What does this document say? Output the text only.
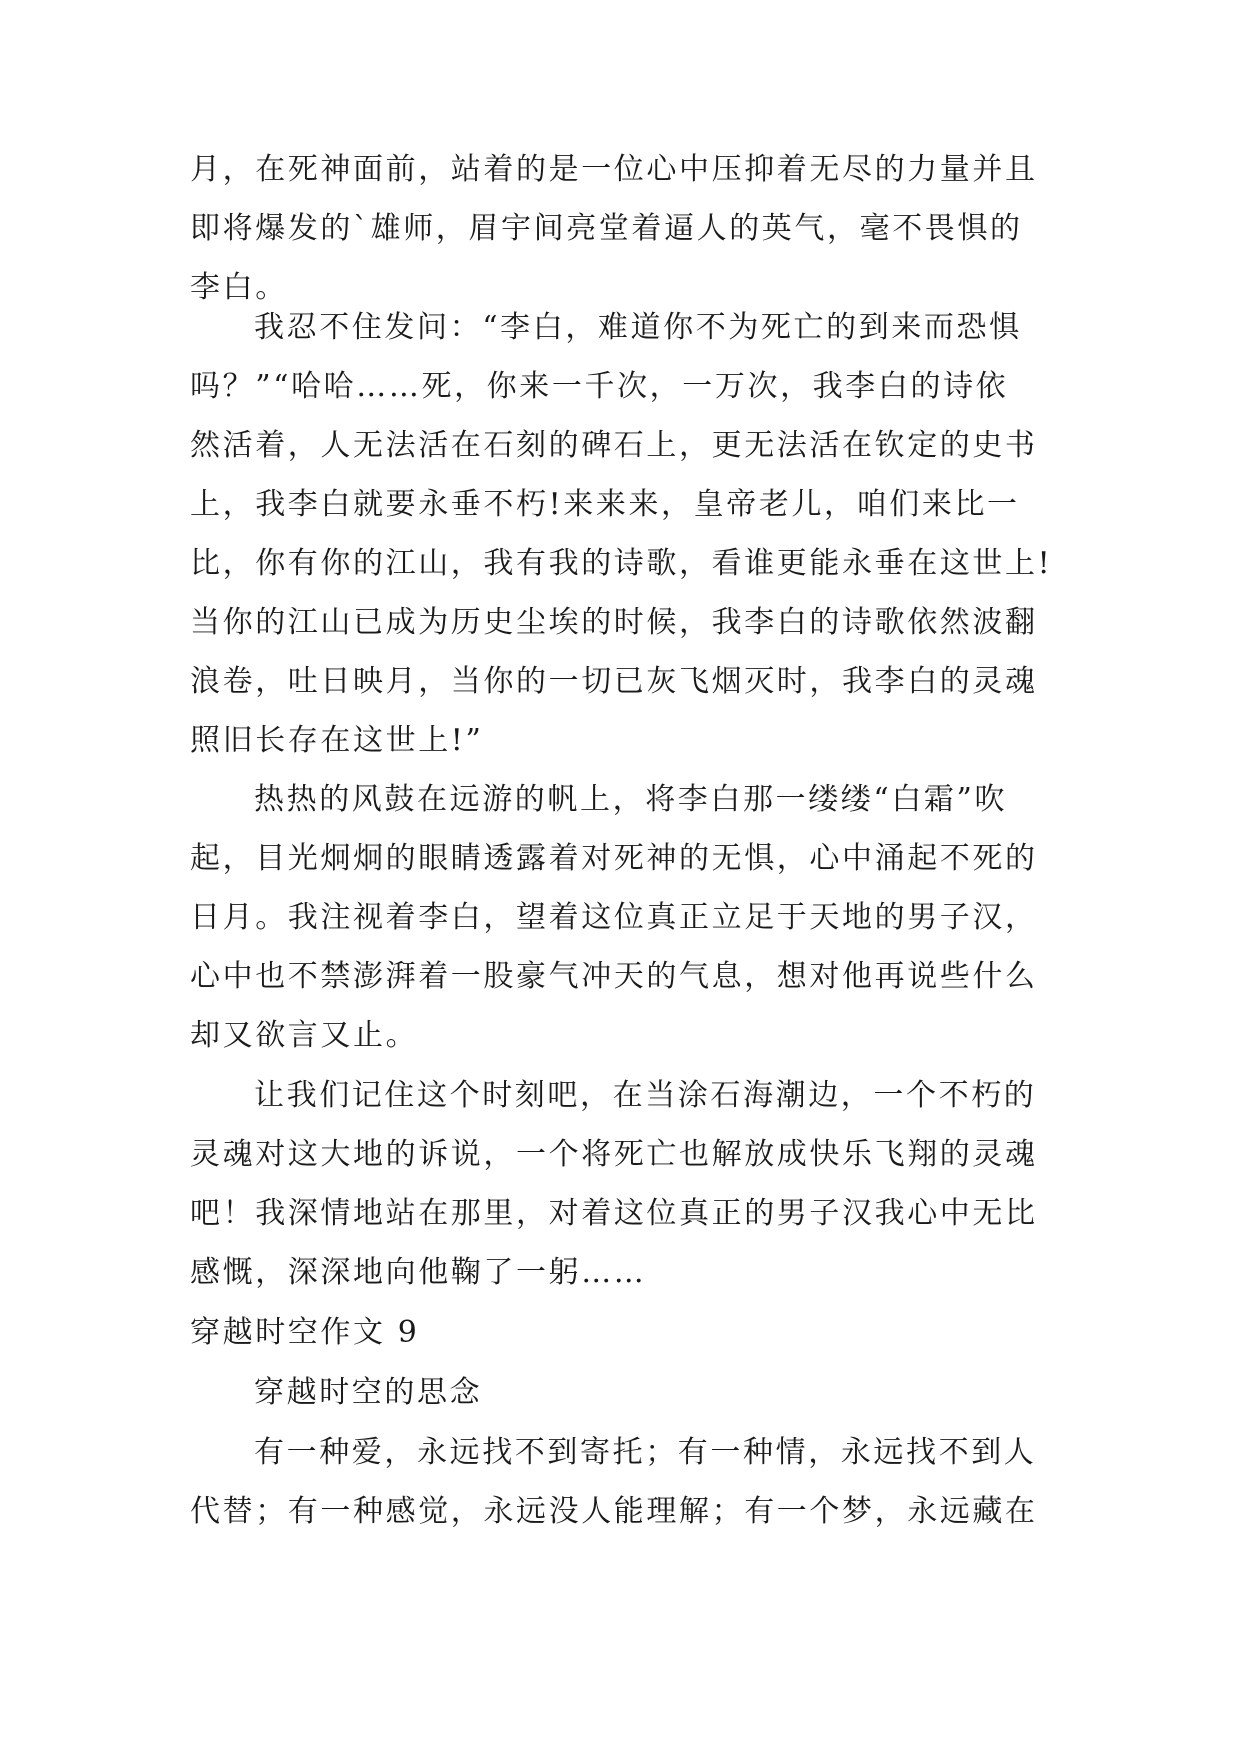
月，在死神面前，站着的是一位心中压抑着无尽的力量并且
即将爆发的`雄师，眉宇间亮堂着逼人的英气，毫不畏惧的
李白。
我忍不住发问：“李白，难道你不为死亡的到来而恐惧
吗？”“哈哈……死，你来一千次，一万次，我李白的诗依
然活着，人无法活在石刻的碑石上，更无法活在钦定的史书
上，我李白就要永垂不朽!来来来，皇帝老儿，咱们来比一
比，你有你的江山，我有我的诗歌，看谁更能永垂在这世上!
当你的江山已成为历史尘埃的时候，我李白的诗歌依然波翻
浪卷，吐日映月，当你的一切已灰飞烟灭时，我李白的灵魂
照旧长存在这世上!”
热热的风鼓在远游的帆上，将李白那一缕缕“白霜”吹
起，目光炯炯的眼睛透露着对死神的无惧，心中涌起不死的
日月。我注视着李白，望着这位真正立足于天地的男子汉，
心中也不禁澎湃着一股豪气冲天的气息，想对他再说些什么
却又欲言又止。
让我们记住这个时刻吧，在当涂石海潮边，一个不朽的
灵魂对这大地的诉说，一个将死亡也解放成快乐飞翔的灵魂
吧！我深情地站在那里，对着这位真正的男子汉我心中无比
感慨，深深地向他鞠了一躬……
穿越时空作文 9
穿越时空的思念
有一种爱，永远找不到寄托；有一种情，永远找不到人
代替；有一种感觉，永远没人能理解；有一个梦，永远藏在
